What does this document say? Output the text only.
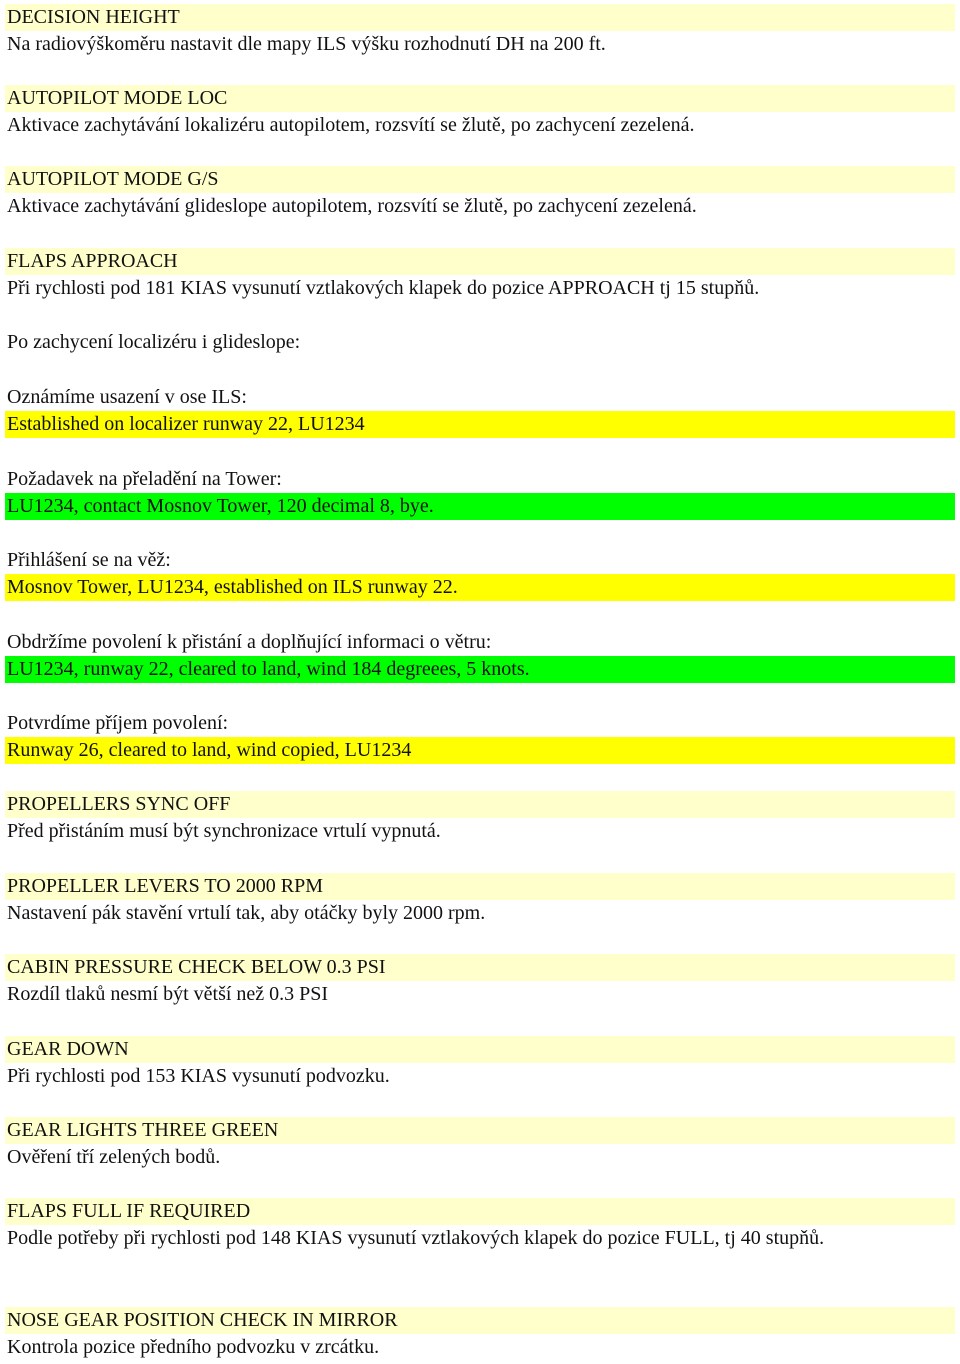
DECISION HEIGHT
Na radiovýškoměru nastavit dle mapy ILS výšku rozhodnutí DH na 200 ft.
AUTOPILOT MODE LOC
Aktivace zachytávání lokalizéru autopilotem, rozsvítí se žlutě, po zachycení zezelená.
AUTOPILOT MODE G/S
Aktivace zachytávání glideslope autopilotem, rozsvítí se žlutě, po zachycení zezelená.
FLAPS APPROACH
Při rychlosti pod 181 KIAS vysunutí vztlakových klapek do pozice APPROACH tj 15 stupňů.
Po zachycení localizéru i glideslope:
Oznámíme usazení v ose ILS:
Established on localizer runway 22, LU1234
Požadavek na přeladění na Tower:
LU1234, contact Mosnov Tower, 120 decimal 8, bye.
Přihlášení se na věž:
Mosnov Tower, LU1234, established on ILS runway 22.
Obdržíme povolení k přistání a doplňující informaci o větru:
LU1234, runway 22, cleared to land, wind 184 degreees, 5 knots.
Potvrdíme příjem povolení:
Runway 26, cleared to land, wind copied, LU1234
PROPELLERS SYNC OFF
Před přistáním musí být synchronizace vrtulí vypnutá.
PROPELLER LEVERS TO 2000 RPM
Nastavení pák stavění vrtulí tak, aby otáčky byly 2000 rpm.
CABIN PRESSURE CHECK BELOW 0.3 PSI
Rozdíl tlaků nesmí být větší než 0.3 PSI
GEAR DOWN
Při rychlosti pod 153 KIAS vysunutí podvozku.
GEAR LIGHTS THREE GREEN
Ověření tří zelených bodů.
FLAPS FULL IF REQUIRED
Podle potřeby při rychlosti pod 148 KIAS vysunutí vztlakových klapek do pozice FULL, tj 40 stupňů.
NOSE GEAR POSITION CHECK IN MIRROR
Kontrola pozice předního podvozku v zrcátku.
